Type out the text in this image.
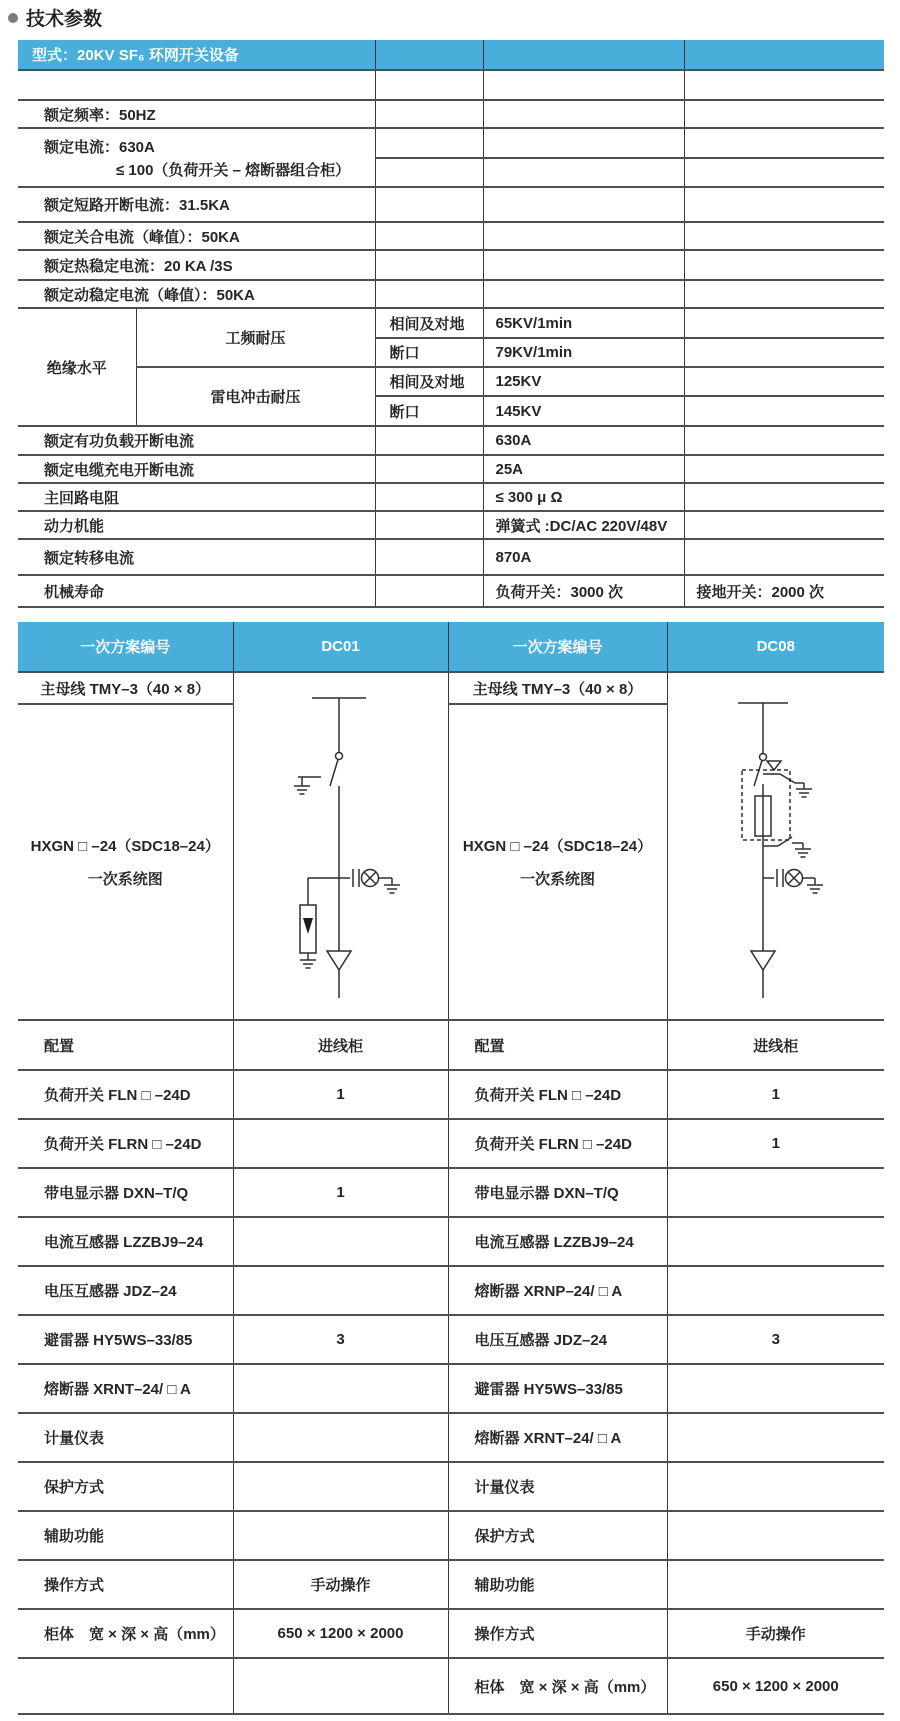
技术参数
型式：20KV SF₆ 环网开关设备				

额定频率：50HZ				

额定电流：630A
≤ 100（负荷开关 – 熔断器组合柜）				

额定短路开断电流：31.5KA				
额定关合电流（峰值）：50KA				
额定热稳定电流：20 KA /3S				
额定动稳定电流（峰值）：50KA				
绝缘水平	工频耐压	相间及对地	65KV/1min	
		断口	79KV/1min	
	雷电冲击耐压	相间及对地	125KV	
		断口	145KV	
额定有功负载开断电流			630A	
额定电缆充电开断电流			25A	
主回路电阻			≤ 300 μ Ω	
动力机能			弹簧式 :DC/AC 220V/48V	
额定转移电流			870A	
机械寿命			负荷开关：3000 次	接地开关：2000 次
一次方案编号	DC01	一次方案编号	DC08
主母线 TMY–3（40 × 8）		主母线 TMY–3（40 × 8）	

HXGN □ –24（SDC18–24）
一次系统图

HXGN □ –24（SDC18–24）
一次系统图

配置	进线柜	配置	进线柜
负荷开关 FLN □ –24D	1	负荷开关 FLN □ –24D	1
负荷开关 FLRN □ –24D		负荷开关 FLRN □ –24D	1
带电显示器 DXN–T/Q	1	带电显示器 DXN–T/Q	
电流互感器 LZZBJ9–24		电流互感器 LZZBJ9–24	
电压互感器 JDZ–24		熔断器 XRNP–24/ □ A	
避雷器 HY5WS–33/85	3	电压互感器 JDZ–24	3
熔断器 XRNT–24/ □ A		避雷器 HY5WS–33/85	
计量仪表		熔断器 XRNT–24/ □ A	
保护方式		计量仪表	
辅助功能		保护方式	
操作方式	手动操作	辅助功能	
柜体　宽 × 深 × 高（mm）	650 × 1200 × 2000	操作方式	手动操作
		柜体　宽 × 深 × 高（mm）	650 × 1200 × 2000
